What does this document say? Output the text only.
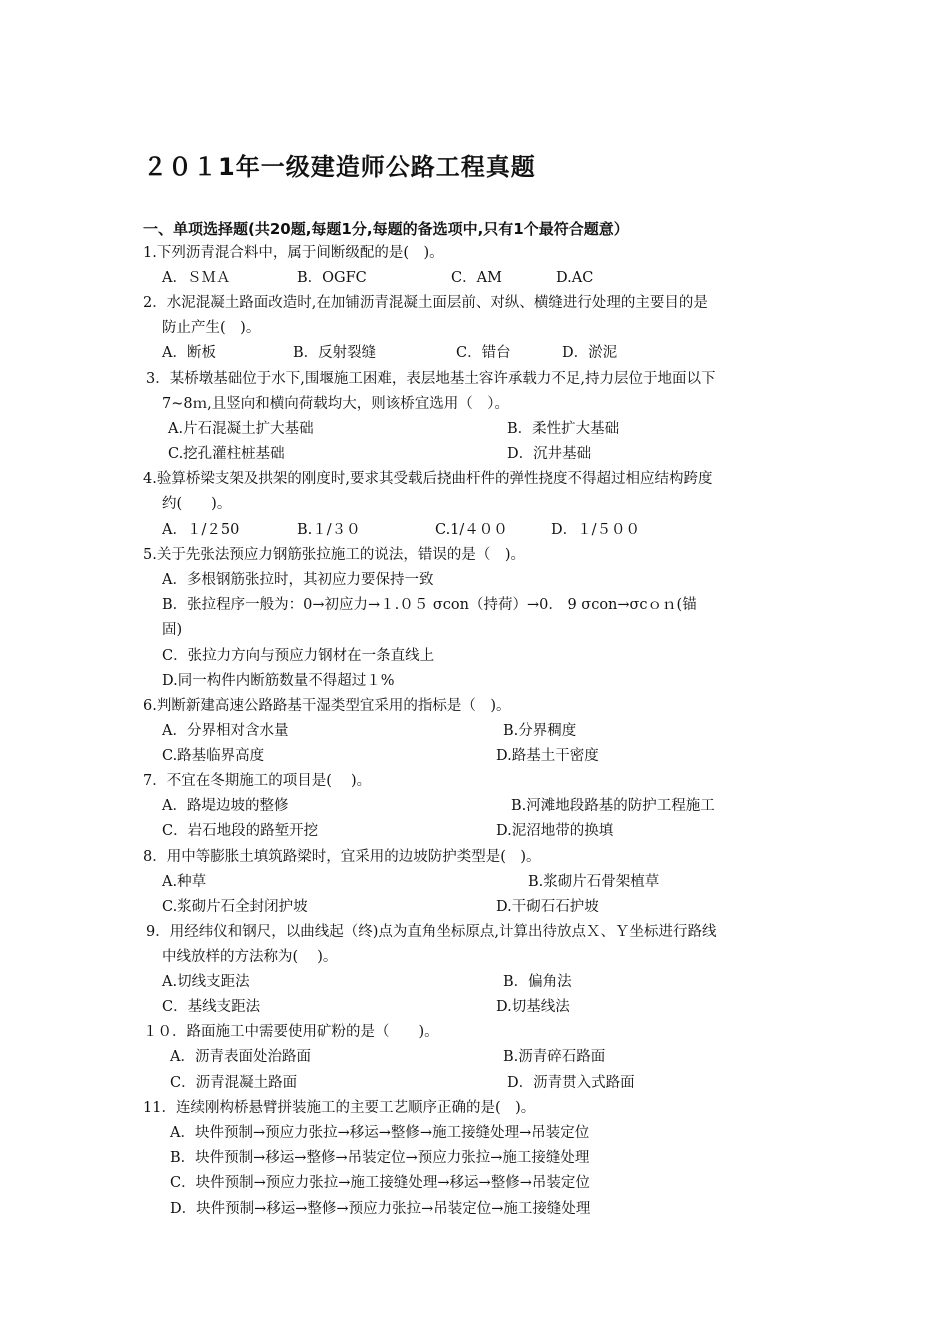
２０１1年一级建造师公路工程真题
一、单项选择题(共20题,每题1分,每题的备选项中,只有1个最符合题意）
1.下列沥青混合料中，属于间断级配的是(　)。
A．ＳＭＡ	B．OGFC	C．AM	D.AC
2．水泥混凝土路面改造时,在加铺沥青混凝土面层前、对纵、横缝进行处理的主要目的是
防止产生(　)。
A．断板	B．反射裂缝	C．错台	D．淤泥
3．某桥墩基础位于水下,围堰施工困难，表层地基土容许承载力不足,持力层位于地面以下
7~8ｍ,且竖向和横向荷载均大，则该桥宜选用（　）。
A.片石混凝土扩大基础	B．柔性扩大基础
C.挖孔灌柱桩基础	D．沉井基础
4.验算桥梁支架及拱架的刚度时,要求其受载后挠曲杆件的弹性挠度不得超过相应结构跨度
约(　　)。
A．１/２50	B.１/３０	C.1/４００	D．１/５００
5.关于先张法预应力钢筋张拉施工的说法，错误的是（　)。
A．多根钢筋张拉时，其初应力要保持一致
B．张拉程序一般为：0→初应力→１.０５ σcon（持荷）→0． 9 σcon→σcｏｎ(锚
固)
C．张拉力方向与预应力钢材在一条直线上
D.同一构件内断筋数量不得超过１%
6.判断新建高速公路路基干湿类型宜采用的指标是（　)。
A．分界相对含水量	B.分界稠度
C.路基临界高度	D.路基土干密度
7．不宜在冬期施工的项目是(　 )。
A．路堤边坡的整修	B.河滩地段路基的防护工程施工
C．岩石地段的路堑开挖	D.泥沼地带的换填
8．用中等膨胀土填筑路梁时，宜采用的边坡防护类型是(　)。
A.种草	B.浆砌片石骨架植草
C.浆砌片石全封闭护坡	D.干砌石石护坡
9．用经纬仪和钢尺，以曲线起（终)点为直角坐标原点,计算出待放点Ｘ、Ｙ坐标进行路线
中线放样的方法称为(　 )。
A.切线支距法	B．偏角法
C．基线支距法	D.切基线法
１０．路面施工中需要使用矿粉的是（　　)。
A．沥青表面处治路面	B.沥青碎石路面
C．沥青混凝土路面	D．沥青贯入式路面
11．连续刚构桥悬臂拼装施工的主要工艺顺序正确的是(　)。
A．块件预制→预应力张拉→移运→整修→施工接缝处理→吊装定位
B．块件预制→移运→整修→吊装定位→预应力张拉→施工接缝处理
C．块件预制→预应力张拉→施工接缝处理→移运→整修→吊装定位
D．块件预制→移运→整修→预应力张拉→吊装定位→施工接缝处理
